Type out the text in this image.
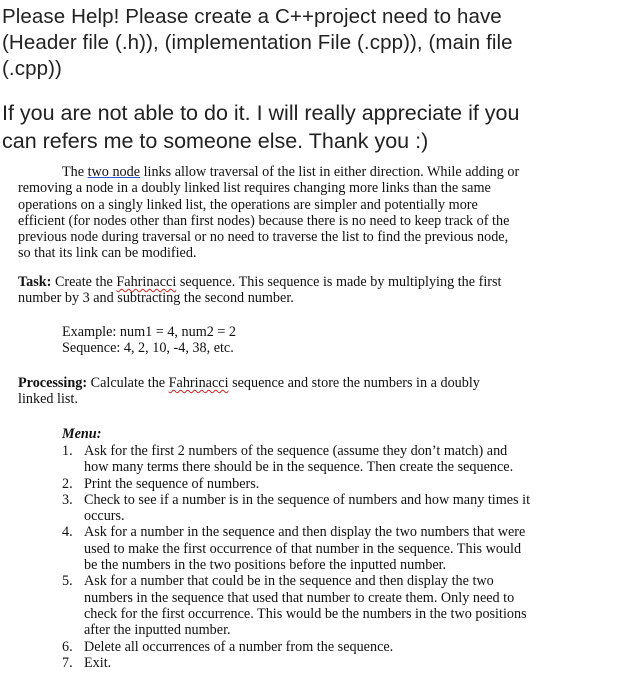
Please Help! Please create a C++project need to have
(Header file (.h)), (implementation File (.cpp)), (main file
(.cpp))
If you are not able to do it. I will really appreciate if you
can refers me to someone else. Thank you :)
The two node links allow traversal of the list in either direction. While adding or
removing a node in a doubly linked list requires changing more links than the same
operations on a singly linked list, the operations are simpler and potentially more
efficient (for nodes other than first nodes) because there is no need to keep track of the
previous node during traversal or no need to traverse the list to find the previous node,
so that its link can be modified.
Task: Create the Fahrinacci sequence. This sequence is made by multiplying the first
number by 3 and subtracting the second number.
Example: num1 = 4, num2 = 2
Sequence: 4, 2, 10, -4, 38, etc.
Processing: Calculate the Fahrinacci sequence and store the numbers in a doubly
linked list.
Menu:
1. Ask for the first 2 numbers of the sequence (assume they don’t match) and
how many terms there should be in the sequence. Then create the sequence.
2. Print the sequence of numbers.
3. Check to see if a number is in the sequence of numbers and how many times it
occurs.
4. Ask for a number in the sequence and then display the two numbers that were
used to make the first occurrence of that number in the sequence. This would
be the numbers in the two positions before the inputted number.
5. Ask for a number that could be in the sequence and then display the two
numbers in the sequence that used that number to create them. Only need to
check for the first occurrence. This would be the numbers in the two positions
after the inputted number.
6. Delete all occurrences of a number from the sequence.
7. Exit.
